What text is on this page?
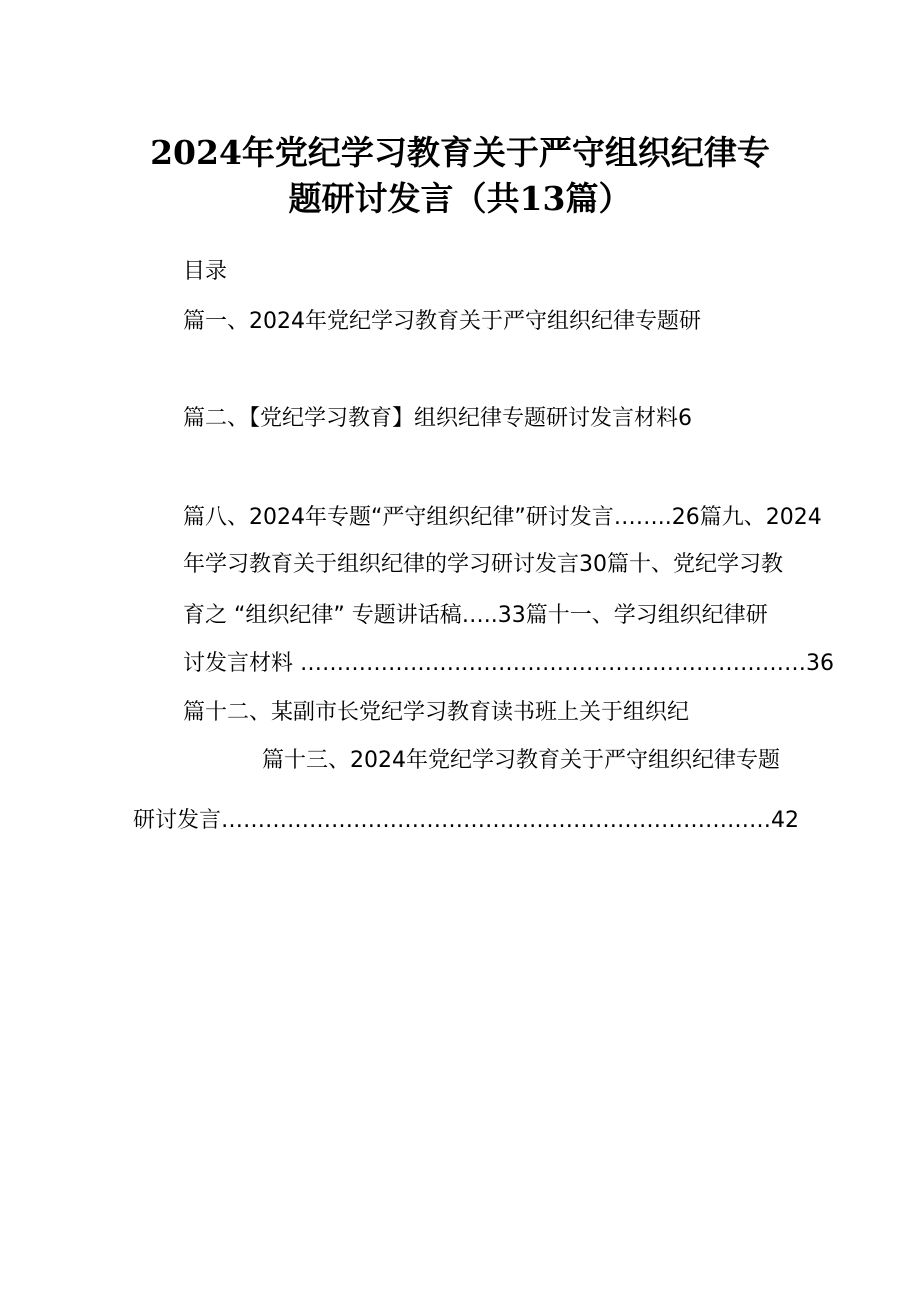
2024年党纪学习教育关于严守组织纪律专
题研讨发言（共13篇）
目录
篇一、2024年党纪学习教育关于严守组织纪律专题研
篇二、【党纪学习教育】组织纪律专题研讨发言材料6
篇八、2024年专题“严守组织纪律”研讨发言……..26篇九、2024
年学习教育关于组织纪律的学习研讨发言30篇十、党纪学习教
育之 “组织纪律” 专题讲话稿…..33篇十一、学习组织纪律研
讨发言材料 ……………………………………………………………36
篇十二、某副市长党纪学习教育读书班上关于组织纪
篇十三、2024年党纪学习教育关于严守组织纪律专题
研讨发言…………………………………………………………………42
